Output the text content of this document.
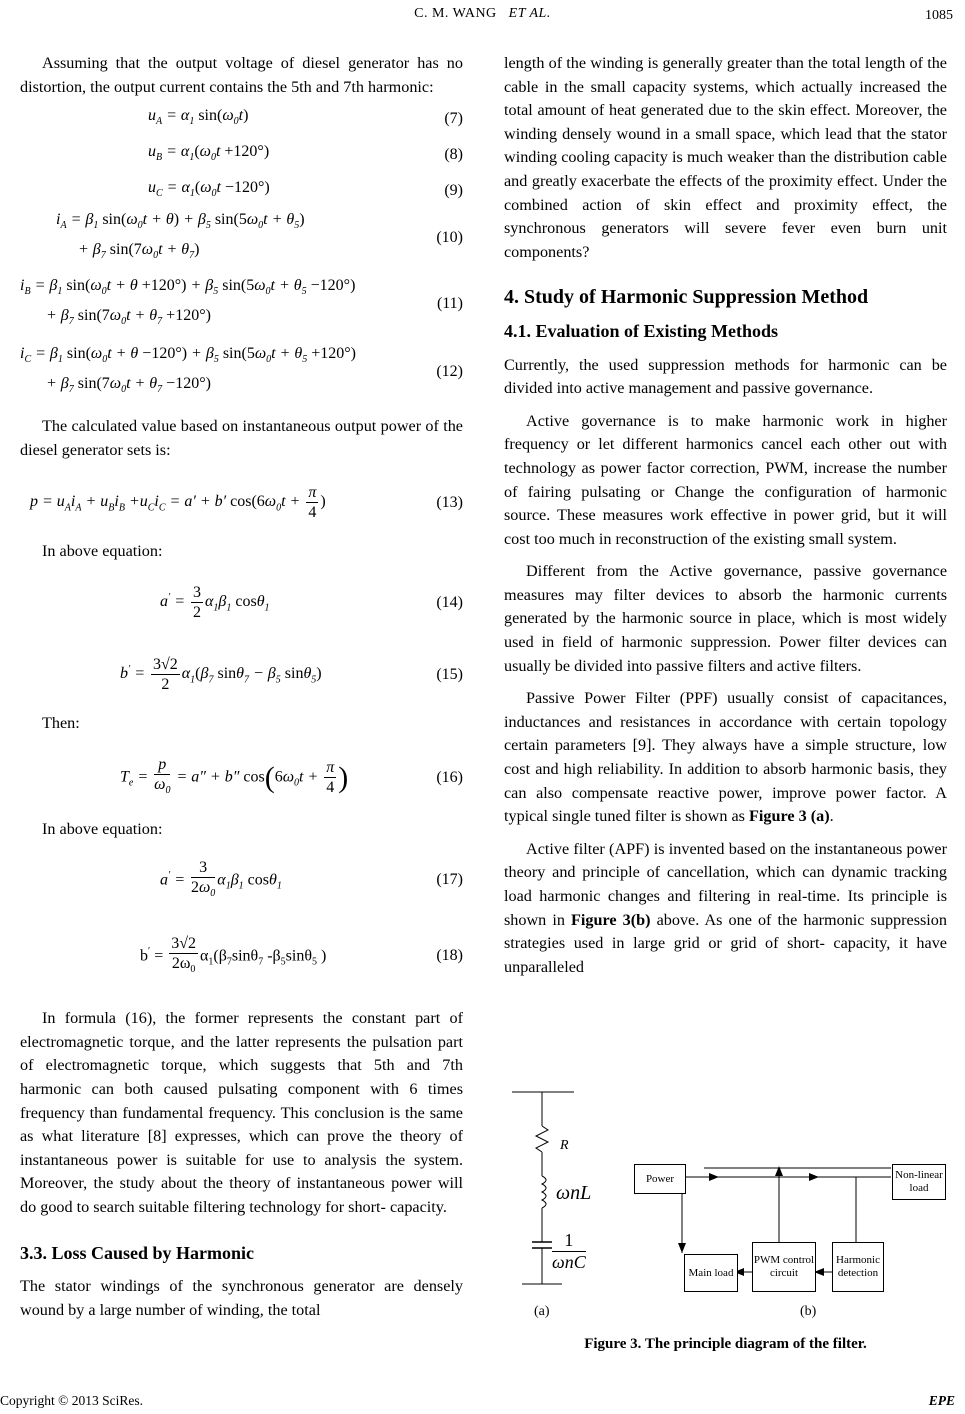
C. M. WANG ET AL.	1085

Assuming that the output voltage of diesel generator has no distortion, the output current contains the 5th and 7th harmonic:

$u_A = \alpha_1$ $\sin(\omega_0t)$	(7)
$u_B = \alpha_1(\omega_0t +120^\circ)$	(8)
$u_C = \alpha_1(\omega_0t -120^\circ)$	(9)
$i_A = \beta_1$ $\sin(\omega_0t + \theta) + \beta_5$ $\sin(5\omega_0t + \theta_5)$
+ $\beta_7$ $\sin(7\omega_0t + \theta_7)$
(10)
$i_B = \beta_1$ $\sin(\omega_0t + \theta +120^\circ) + \beta_5$ $\sin(5\omega_0t + \theta_5 -120^\circ)$
+ $\beta_7$ $\sin(7\omega_0t + \theta_7 +120^\circ)$
(11)
$i_C = \beta_1$ $\sin(\omega_0t + \theta -120^\circ) + \beta_5$ $\sin(5\omega_0t + \theta_5 +120^\circ)$
+ $\beta_7$ $\sin(7\omega_0t + \theta_7 -120^\circ)$
(12)

The calculated value based on instantaneous output power of the diesel generator sets is:

$p = u_Ai_A + u_Bi_B +u_Ci_C = a' + b'$ $\cos(6\omega_0t + \frac{\pi}{4}$ )	(13)

In above equation:

$a' = \frac{3}{2} \alpha_1\beta_1$ cosθ$_1$	(14)
$b' = \frac{3√2}{2} \alpha_1(\beta_7$ $\sin\theta_7 - \beta_5$ sinθ$_5$)	(15)

Then:

$T_e = \frac{p}{\omega_0} = a'' + b''$ $\cos(6\omega_0t + \frac{\pi}{4}$ )	(16)

In above equation:

$a' = \frac{3}{2\omega_0} \alpha_1\beta_1$ cosθ$_1$	(17)
$b' = \frac{3√2}{2\omega_0} \alpha_1(\beta_7\sin\theta_7$ $-\beta_5\sin\theta_5$ )	(18)

In formula (16), the former represents the constant part of electromagnetic torque, and the latter represents the pulsation part of electromagnetic torque, which suggests that 5th and 7th harmonic can both caused pulsating component with 6 times frequency than fundamental frequency. This conclusion is the same as what literature [8] expresses, which can prove the theory of instantaneous power is suitable for use to analysis the system. Moreover, the study about the theory of instantaneous power will do good to search suitable filtering technology for short- capacity.

3.3. Loss Caused by Harmonic

The stator windings of the synchronous generator are densely wound by a large number of winding, the total

length of the winding is generally greater than the total length of the cable in the small capacity systems, which actually increased the total amount of heat generated due to the skin effect. Moreover, the winding densely wound in a small space, which lead that the stator winding cooling capacity is much weaker than the distribution cable and greatly exacerbate the effects of the proximity effect. Under the combined action of skin effect and proximity effect, the synchronous generators will severe fever even burn unit components?

4. Study of Harmonic Suppression Method
4.1. Evaluation of Existing Methods

Currently, the used suppression methods for harmonic can be divided into active management and passive governance.

Active governance is to make harmonic work in higher frequency or let different harmonics cancel each other out with technology as power factor correction, PWM, increase the number of fairing pulsating or Change the configuration of harmonic source. These measures work effective in power grid, but it will cost too much in reconstruction of the existing small system.

Different from the Active governance, passive governance measures may filter devices to absorb the harmonic currents generated by the harmonic source in place, which is most widely used in field of harmonic suppression. Power filter devices can usually be divided into passive filters and active filters.

Passive Power Filter (PPF) usually consist of capacitances, inductances and resistances in accordance with certain topology certain parameters [9]. They always have a simple structure, low cost and high reliability. In addition to absorb harmonic basis, they can also compensate reactive power, improve power factor. A typical single tuned filter is shown as Figure 3 (a).

Active filter (APF) is invented based on the instantaneous power theory and principle of cancellation, which can dynamic tracking load harmonic changes and filtering in real-time. Its principle is shown in Figure 3(b) above. As one of the harmonic suppression strategies used in large grid or grid of short- capacity, it have unparalleled

R
ωnL
1
ωnC
Power	Non-linear load
Main load
PWM control circuit
Harmonic detection
(a)	(b)
Figure 3. The principle diagram of the filter.
Copyright © 2013 SciRes.	EPE
